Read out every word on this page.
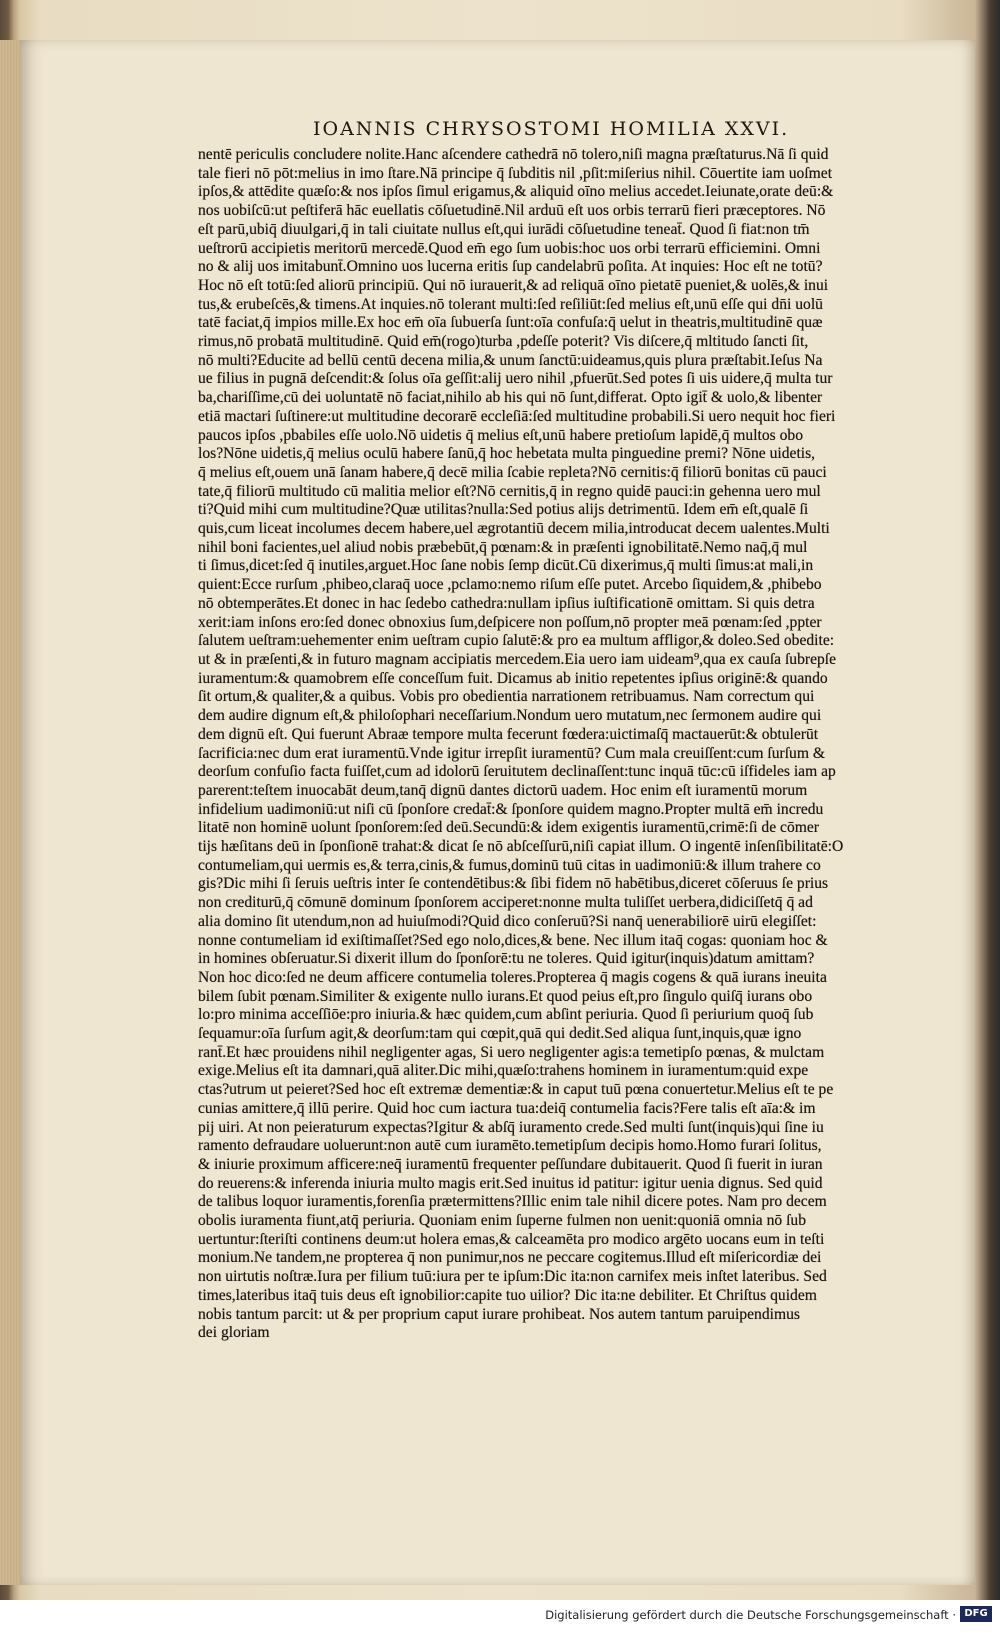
IOANNIS CHRYSOSTOMI HOMILIA XXVI.
nentē periculis concludere nolite.Hanc aſcendere cathedrā nō tolero,niſi magna præſtaturus.Nā ſi quid
tale fieri nō pōt:melius in imo ſtare.Nā principe q̄ ſubditis nil ,pſit:miſerius nihil. Cōuertite iam uoſmet
ipſos,& attēdite quæſo:& nos ipſos ſimul erigamus,& aliquid oīno melius accedet.Ieiunate,orate deū:&
nos uobiſcū:ut peſtiferā hāc euellatis cōſuetudinē.Nil arduū eſt uos orbis terrarū fieri præceptores. Nō
eſt parū,ubiq̄ diuulgari,q̄ in tali ciuitate nullus eſt,qui iurādi cōſuetudine teneat̄. Quod ſi fiat:non tm̄
ueſtrorū accipietis meritorū mercedē.Quod em̄ ego ſum uobis:hoc uos orbi terrarū efficiemini. Omni
no & alij uos imitabunt̄.Omnino uos lucerna eritis ſup candelabrū poſita. At inquies: Hoc eſt ne totū?
Hoc nō eſt totū:ſed aliorū principiū. Qui nō iurauerit,& ad reliquā oīno pietatē pueniet,& uolēs,& inui
tus,& erubeſcēs,& timens.At inquies.nō tolerant multi:ſed reſiliūt:ſed melius eſt,unū eſſe qui dn̄i uolū
tatē faciat,q̄ impios mille.Ex hoc em̄ oīa ſubuerſa ſunt:oīa confuſa:q̄ uelut in theatris,multitudinē quæ
rimus,nō probatā multitudinē. Quid em̄(rogo)turba ,pdeſſe poterit? Vis diſcere,q̄ mltitudo ſancti ſit,
nō multi?Educite ad bellū centū decena milia,& unum ſanctū:uideamus,quis plura præſtabit.Ieſus Na
ue filius in pugnā deſcendit:& ſolus oīa geſſit:alij uero nihil ,pfuerūt.Sed potes ſi uis uidere,q̄ multa tur
ba,chariſſime,cū dei uoluntatē nō faciat,nihilo ab his qui nō ſunt,differat. Opto igit̄ & uolo,& libenter
etiā mactari ſuſtinere:ut multitudine decorarē eccleſiā:ſed multitudine probabili.Si uero nequit hoc fieri
paucos ipſos ,pbabiles eſſe uolo.Nō uidetis q̄ melius eſt,unū habere pretioſum lapidē,q̄ multos obo
los?Nōne uidetis,q̄ melius oculū habere ſanū,q̄ hoc hebetata multa pinguedine premi? Nōne uidetis,
q̄ melius eſt,ouem unā ſanam habere,q̄ decē milia ſcabie repleta?Nō cernitis:q̄ filiorū bonitas cū pauci
tate,q̄ filiorū multitudo cū malitia melior eſt?Nō cernitis,q̄ in regno quidē pauci:in gehenna uero mul
ti?Quid mihi cum multitudine?Quæ utilitas?nulla:Sed potius alijs detrimentū. Idem em̄ eſt,qualē ſi
quis,cum liceat incolumes decem habere,uel ægrotantiū decem milia,introducat decem ualentes.Multi
nihil boni facientes,uel aliud nobis præbebūt,q̄ pœnam:& in præſenti ignobilitatē.Nemo naq̄,q̄ mul
ti ſimus,dicet:ſed q̄ inutiles,arguet.Hoc ſane nobis ſemp dicūt.Cū dixerimus,q̄ multi ſimus:at mali,in
quient:Ecce rurſum ,phibeo,claraq̄ uoce ,pclamo:nemo riſum eſſe putet. Arcebo ſiquidem,& ,phibebo
nō obtemperātes.Et donec in hac ſedebo cathedra:nullam ipſius iuſtificationē omittam. Si quis detra
xerit:iam inſons ero:ſed donec obnoxius ſum,deſpicere non poſſum,nō propter meā pœnam:ſed ,ppter
ſalutem ueſtram:uehementer enim ueſtram cupio ſalutē:& pro ea multum affligor,& doleo.Sed obedite:
ut & in præſenti,& in futuro magnam accipiatis mercedem.Eia uero iam uideam⁹,qua ex cauſa ſubrepſe
iuramentum:& quamobrem eſſe conceſſum fuit. Dicamus ab initio repetentes ipſius originē:& quando
ſit ortum,& qualiter,& a quibus. Vobis pro obedientia narrationem retribuamus. Nam correctum qui
dem audire dignum eſt,& philoſophari neceſſarium.Nondum uero mutatum,nec ſermonem audire qui
dem dignū eſt. Qui fuerunt Abraæ tempore multa fecerunt fœdera:uictimaſq̄ mactauerūt:& obtulerūt
ſacrificia:nec dum erat iuramentū.Vnde igitur irrepſit iuramentū? Cum mala creuiſſent:cum ſurſum &
deorſum confuſio facta fuiſſet,cum ad idolorū ſeruitutem declinaſſent:tunc inquā tūc:cū iſfideles iam ap
parerent:teſtem inuocabāt deum,tanq̄ dignū dantes dictorū uadem. Hoc enim eſt iuramentū morum
infidelium uadimoniū:ut niſi cū ſponſore credat̄:& ſponſore quidem magno.Propter multā em̄ incredu
litatē non hominē uolunt ſponſorem:ſed deū.Secundū:& idem exigentis iuramentū,crimē:ſi de cōmer
tijs hæſitans deū in ſponſionē trahat:& dicat ſe nō abſceſſurū,niſi capiat illum. O ingentē inſenſibilitatē:O
contumeliam,qui uermis es,& terra,cinis,& fumus,dominū tuū citas in uadimoniū:& illum trahere co
gis?Dic mihi ſi ſeruis ueſtris inter ſe contendētibus:& ſibi fidem nō habētibus,diceret cōſeruus ſe prius
non crediturū,q̄ cōmunē dominum ſponſorem acciperet:nonne multa tuliſſet uerbera,didiciſſetq̄ q̄ ad
alia domino ſit utendum,non ad huiuſmodi?Quid dico conſeruū?Si nanq̄ uenerabiliorē uirū elegiſſet:
nonne contumeliam id exiſtimaſſet?Sed ego nolo,dices,& bene. Nec illum itaq̄ cogas: quoniam hoc &
in homines obſeruatur.Si dixerit illum do ſponſorē:tu ne toleres. Quid igitur(inquis)datum amittam?
Non hoc dico:ſed ne deum afficere contumelia toleres.Propterea q̄ magis cogens & quā iurans ineuita
bilem ſubit pœnam.Similiter & exigente nullo iurans.Et quod peius eſt,pro ſingulo quiſq̄ iurans obo
lo:pro minima acceſſiōe:pro iniuria.& hæc quidem,cum abſint periuria. Quod ſi periurium quoq̄ ſub
ſequamur:oīa ſurſum agit,& deorſum:tam qui cœpit,quā qui dedit.Sed aliqua ſunt,inquis,quæ igno
rant̄.Et hæc prouidens nihil negligenter agas, Si uero negligenter agis:a temetipſo pœnas, & mulctam
exige.Melius eſt ita damnari,quā aliter.Dic mihi,quæſo:trahens hominem in iuramentum:quid expe
ctas?utrum ut peieret?Sed hoc eſt extremæ dementiæ:& in caput tuū pœna conuertetur.Melius eſt te pe
cunias amittere,q̄ illū perire. Quid hoc cum iactura tua:deiq̄ contumelia facis?Fere talis eſt aīa:& im
pij uiri. At non peieraturum expectas?Igitur & abſq̄ iuramento crede.Sed multi ſunt(inquis)qui ſine iu
ramento defraudare uoluerunt:non autē cum iuramēto.temetipſum decipis homo.Homo furari ſolitus,
& iniurie proximum afficere:neq̄ iuramentū frequenter peſſundare dubitauerit. Quod ſi fuerit in iuran
do reuerens:& inferenda iniuria multo magis erit.Sed inuitus id patitur: igitur uenia dignus. Sed quid
de talibus loquor iuramentis,forenſia prætermittens?Illic enim tale nihil dicere potes. Nam pro decem
obolis iuramenta fiunt,atq̄ periuria. Quoniam enim ſuperne fulmen non uenit:quoniā omnia nō ſub
uertuntur:ſteriſti continens deum:ut holera emas,& calceamēta pro modico argēto uocans eum in teſti
monium.Ne tandem,ne propterea q̄ non punimur,nos ne peccare cogitemus.Illud eſt miſericordiæ dei
non uirtutis noſtræ.Iura per filium tuū:iura per te ipſum:Dic ita:non carnifex meis inſtet lateribus. Sed
times,lateribus itaq̄ tuis deus eſt ignobilior:capite tuo uilior? Dic ita:ne debiliter. Et Chriſtus quidem
nobis tantum parcit: ut & per proprium caput iurare prohibeat. Nos autem tantum paruipendimus
dei gloriam
Digitalisierung gefördert durch die Deutsche Forschungsgemeinschaft · DFG
